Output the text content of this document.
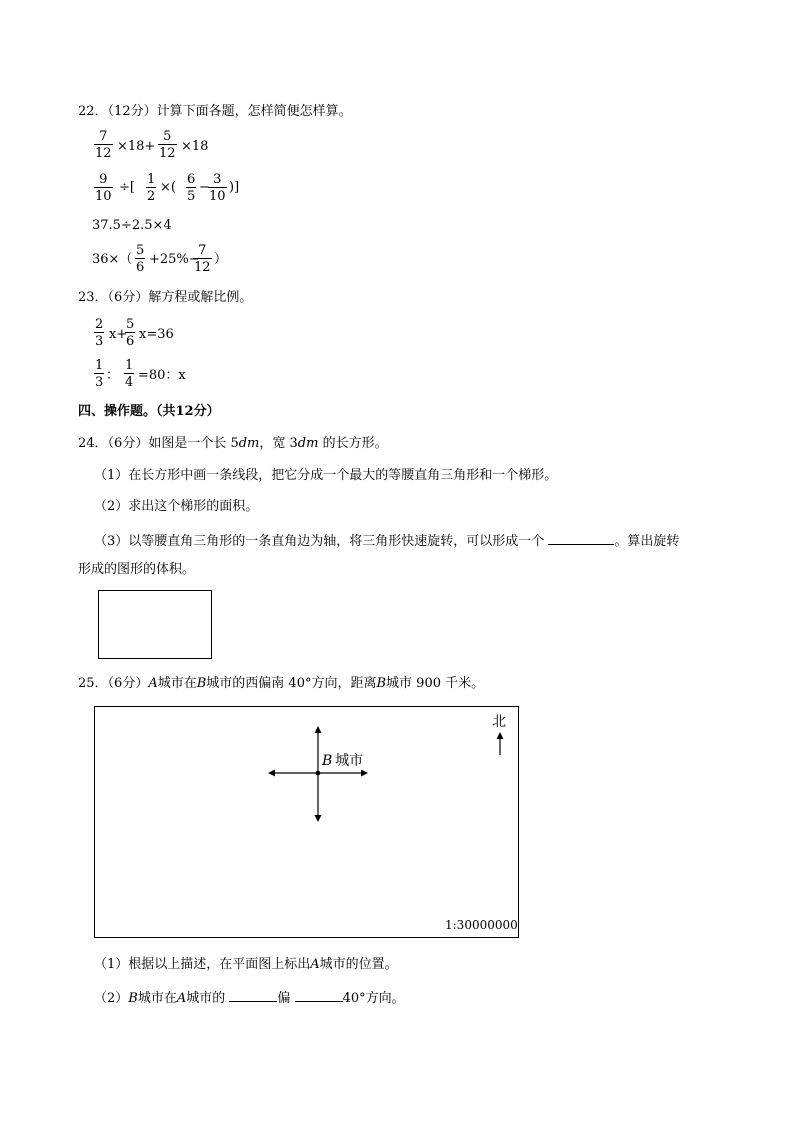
22．（12分）计算下面各题，怎样简便怎样算。
$\frac{7}{12} \times 18+ \frac{5}{12} \times 18$
$\frac{9}{10}$ ÷[ $\frac{1}{2}$ ×( $\frac{6}{5}$ −
$\frac{3}{10}$ )]
37.5÷2.5×4
$36\times( \frac{5}{6} +25\%-$
$\frac{7}{12}$ ）
23．（6分）解方程或解比例。
$\frac{2}{3} x+$
$\frac{5}{6} x=36$
$\frac{1}{3}$ ： $\frac{1}{4} =80$：x
四、操作题。（共12分）
24．（6分）如图是一个长 5dm，宽 3dm 的长方形。
（1）在长方形中画一条线段，把它分成一个最大的等腰直角三角形和一个梯形。
（2）求出这个梯形的面积。
（3）以等腰直角三角形的一条直角边为轴，将三角形快速旋转，可以形成一个	。算出旋转
形成的图形的体积。
25．（6分）A城市在B城市的西偏南 40°方向，距离B城市 900 千米。
北
B 城市
1:30000000
（1）根据以上描述，在平面图上标出A城市的位置。
（2）B城市在A城市的	偏	40°方向。
